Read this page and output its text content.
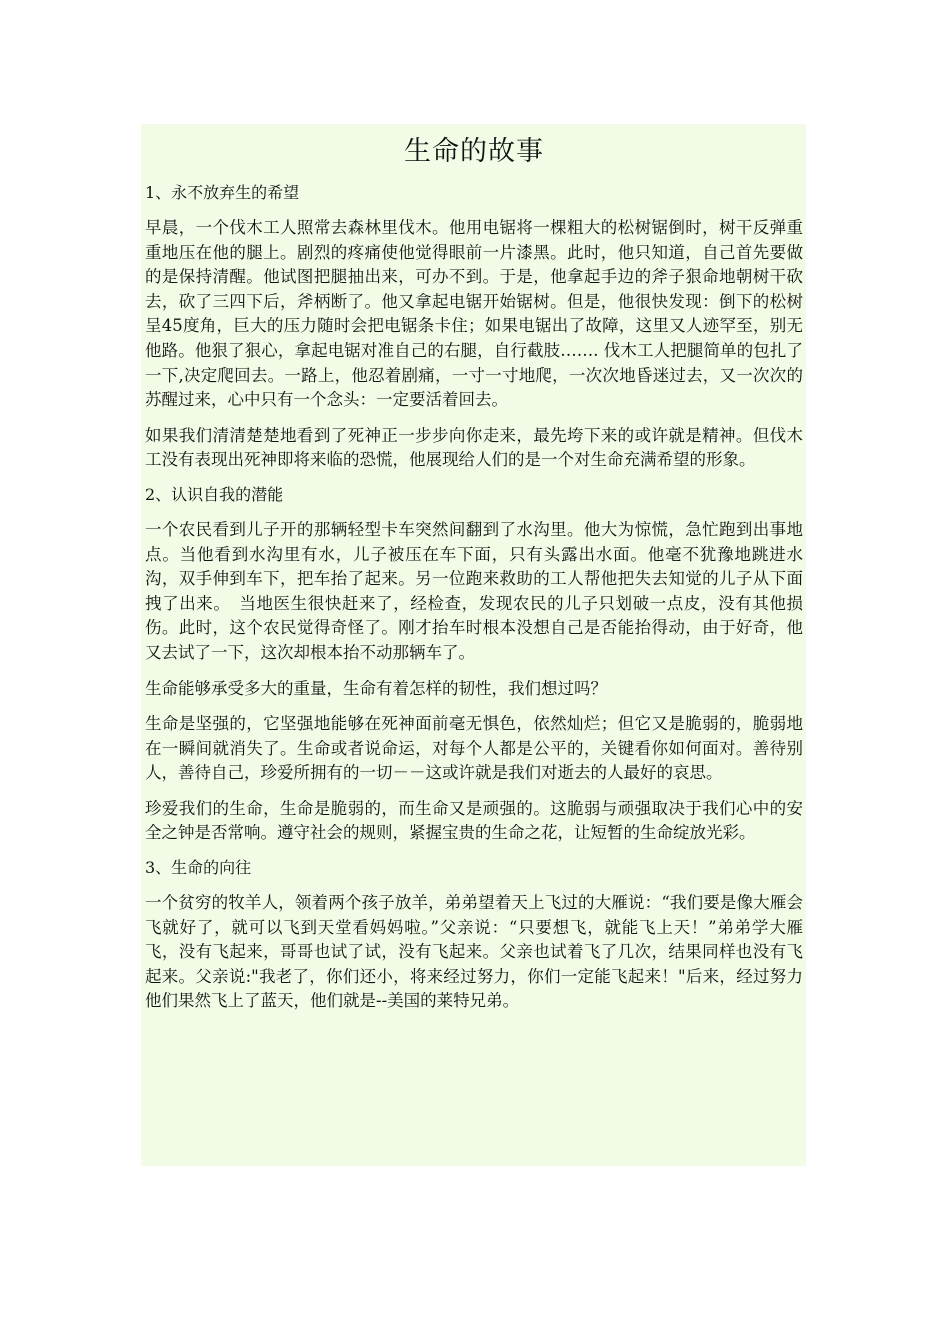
生命的故事

1、永不放弃生的希望

早晨，一个伐木工人照常去森林里伐木。他用电锯将一棵粗大的松树锯倒时，树干反弹重重地压在他的腿上。剧烈的疼痛使他觉得眼前一片漆黑。此时，他只知道，自己首先要做的是保持清醒。他试图把腿抽出来，可办不到。于是，他拿起手边的斧子狠命地朝树干砍去，砍了三四下后，斧柄断了。他又拿起电锯开始锯树。但是，他很快发现：倒下的松树呈45度角，巨大的压力随时会把电锯条卡住；如果电锯出了故障，这里又人迹罕至，别无他路。他狠了狠心，拿起电锯对准自己的右腿，自行截肢……. 伐木工人把腿简单的包扎了一下,决定爬回去。一路上，他忍着剧痛，一寸一寸地爬，一次次地昏迷过去，又一次次的苏醒过来，心中只有一个念头：一定要活着回去。

如果我们清清楚楚地看到了死神正一步步向你走来，最先垮下来的或许就是精神。但伐木工没有表现出死神即将来临的恐慌，他展现给人们的是一个对生命充满希望的形象。

2、认识自我的潜能

一个农民看到儿子开的那辆轻型卡车突然间翻到了水沟里。他大为惊慌，急忙跑到出事地点。当他看到水沟里有水，儿子被压在车下面，只有头露出水面。他毫不犹豫地跳进水沟，双手伸到车下，把车抬了起来。另一位跑来救助的工人帮他把失去知觉的儿子从下面拽了出来。　当地医生很快赶来了，经检查，发现农民的儿子只划破一点皮，没有其他损伤。此时，这个农民觉得奇怪了。刚才抬车时根本没想自己是否能抬得动，由于好奇，他又去试了一下，这次却根本抬不动那辆车了。

生命能够承受多大的重量，生命有着怎样的韧性，我们想过吗？

生命是坚强的，它坚强地能够在死神面前毫无惧色，依然灿烂；但它又是脆弱的，脆弱地在一瞬间就消失了。生命或者说命运，对每个人都是公平的，关键看你如何面对。善待别人，善待自己，珍爱所拥有的一切－－这或许就是我们对逝去的人最好的哀思。

珍爱我们的生命，生命是脆弱的，而生命又是顽强的。这脆弱与顽强取决于我们心中的安全之钟是否常响。遵守社会的规则，紧握宝贵的生命之花，让短暂的生命绽放光彩。

3、生命的向往

一个贫穷的牧羊人，领着两个孩子放羊，弟弟望着天上飞过的大雁说：“我们要是像大雁会飞就好了，就可以飞到天堂看妈妈啦。”父亲说：“只要想飞，就能飞上天！”弟弟学大雁飞，没有飞起来，哥哥也试了试，没有飞起来。父亲也试着飞了几次，结果同样也没有飞起来。父亲说:"我老了，你们还小，将来经过努力，你们一定能飞起来！"后来，经过努力他们果然飞上了蓝天，他们就是--美国的莱特兄弟。
